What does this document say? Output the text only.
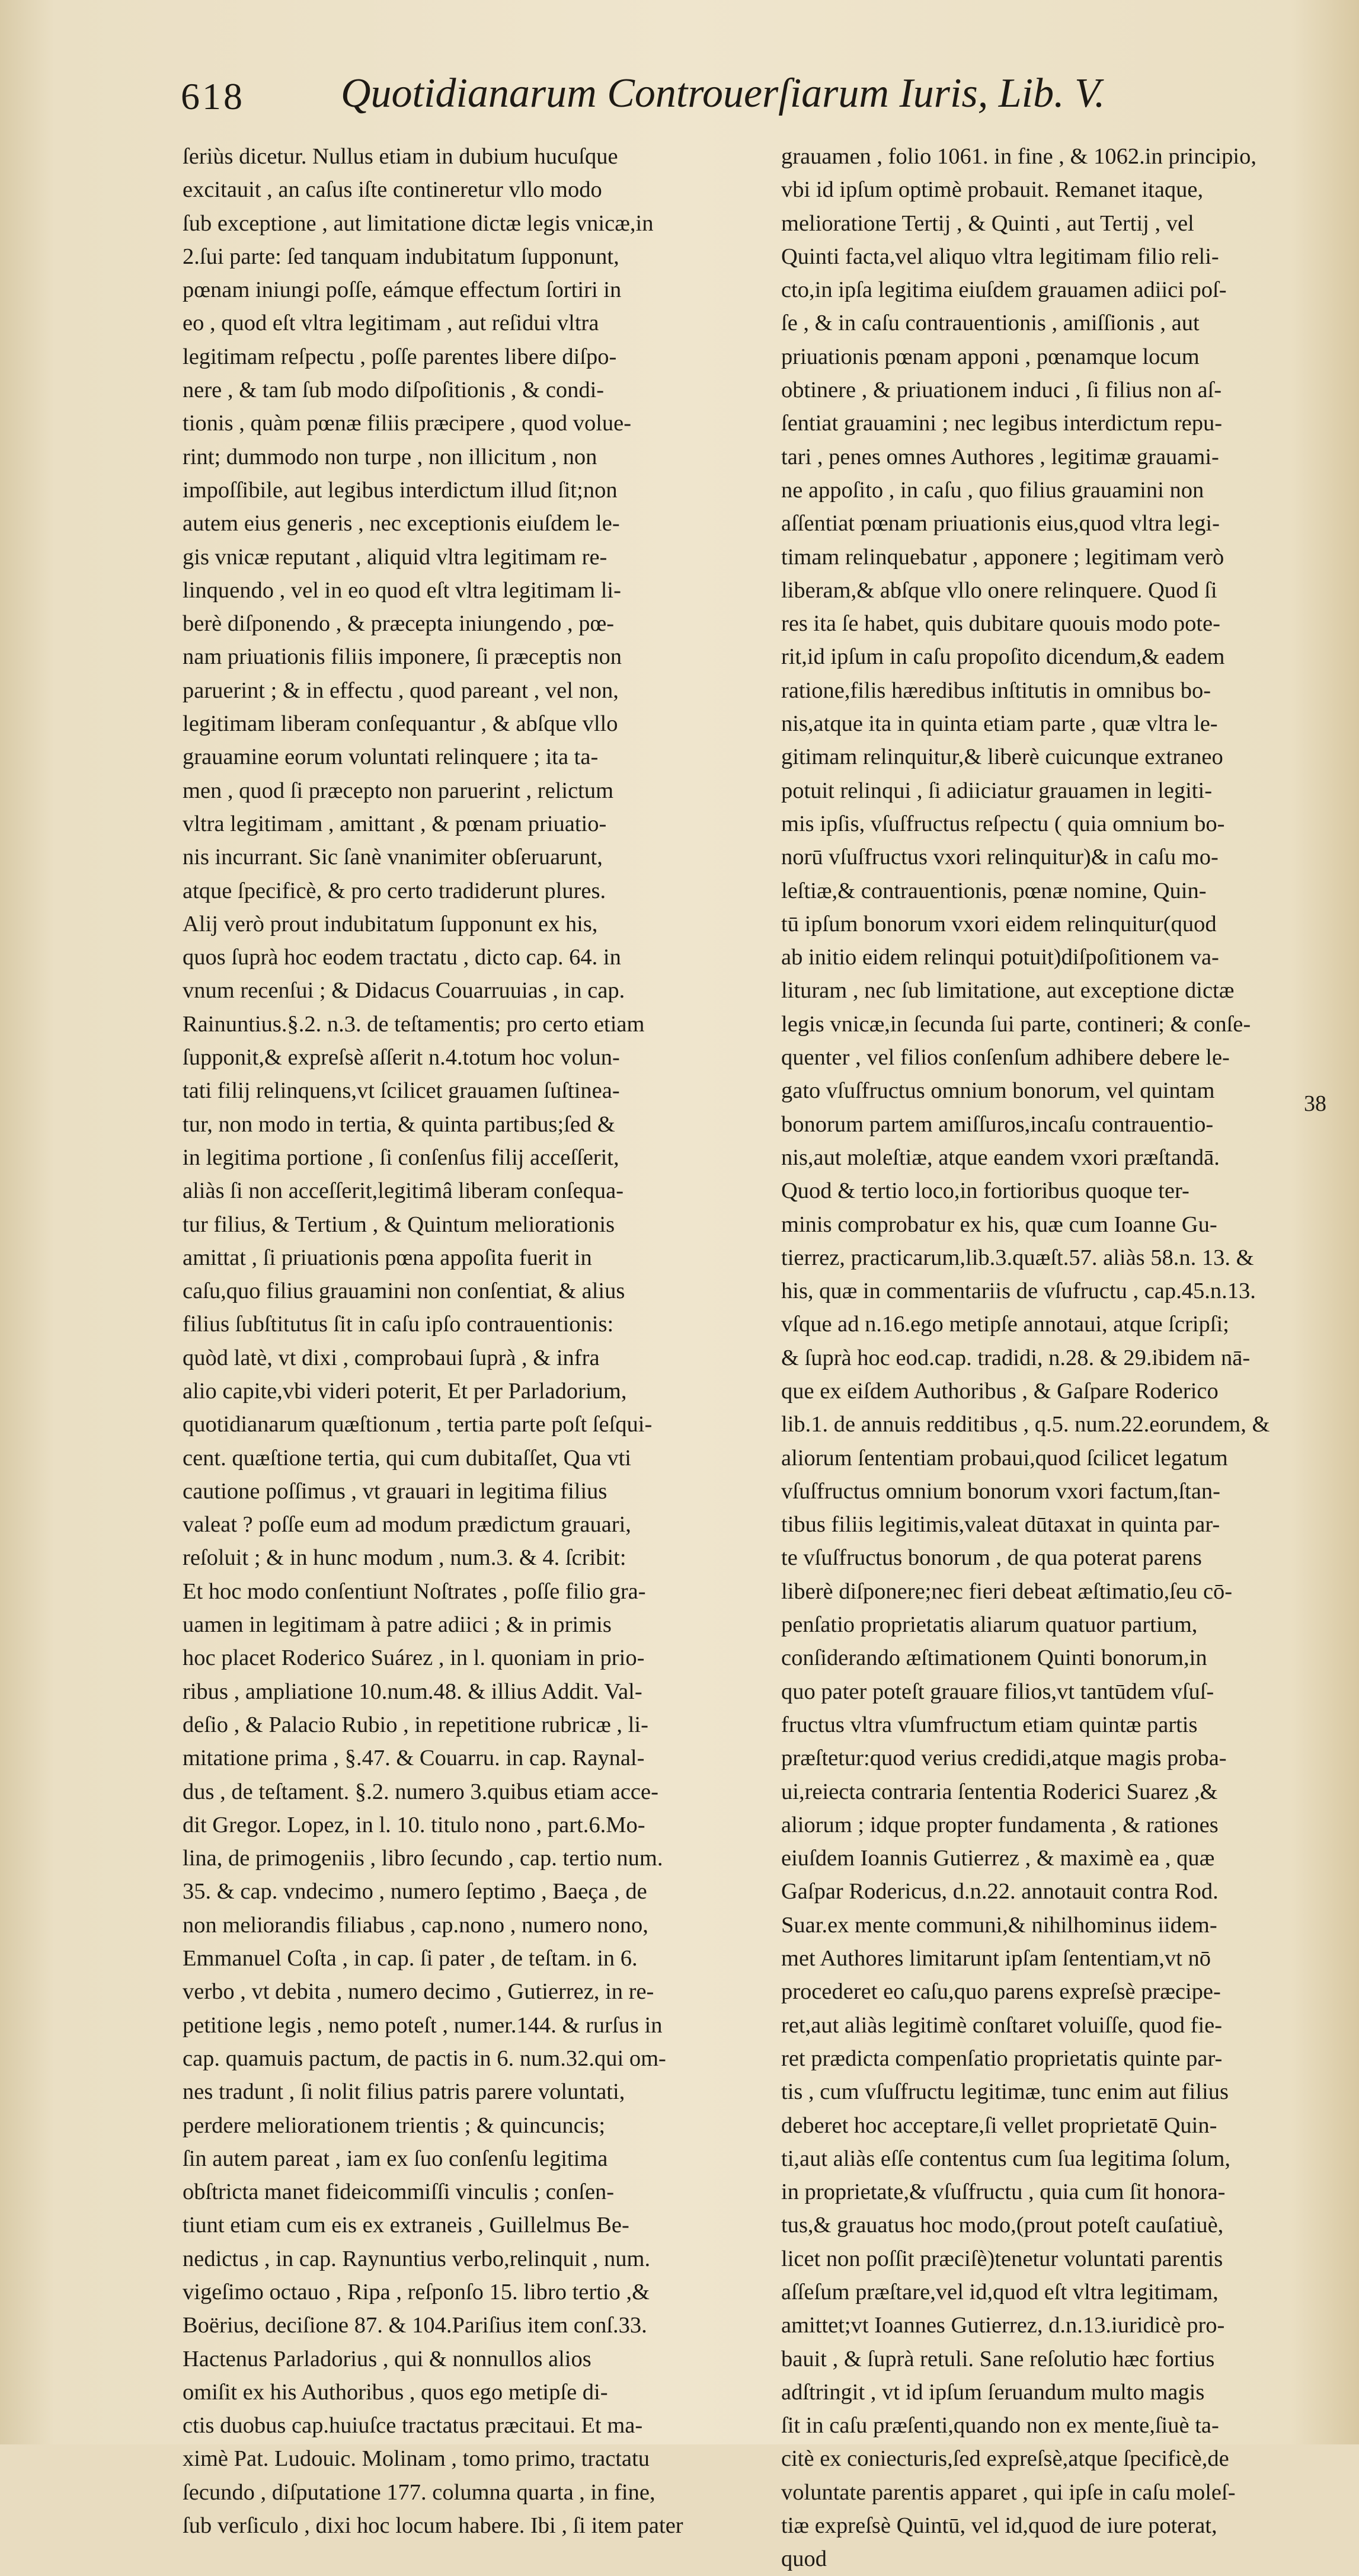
618 Quotidianarum Controuerſiarum Iuris, Lib. V.
ſeriùs dicetur. Nullus etiam in dubium hucuſque
excitauit , an caſus iſte contineretur vllo modo
ſub exceptione , aut limitatione dictæ legis vnicæ,in
2.ſui parte: ſed tanquam indubitatum ſupponunt,
pœnam iniungi poſſe, eámque effectum ſortiri in
eo , quod eſt vltra legitimam , aut reſidui vltra
legitimam reſpectu , poſſe parentes libere diſpo-
nere , & tam ſub modo diſpoſitionis , & condi-
tionis , quàm pœnæ filiis præcipere , quod volue-
rint; dummodo non turpe , non illicitum , non
impoſſibile, aut legibus interdictum illud ſit;non
autem eius generis , nec exceptionis eiuſdem le-
gis vnicæ reputant , aliquid vltra legitimam re-
linquendo , vel in eo quod eſt vltra legitimam li-
berè diſponendo , & præcepta iniungendo , pœ-
nam priuationis filiis imponere, ſi præceptis non
paruerint ; & in effectu , quod pareant , vel non,
legitimam liberam conſequantur , & abſque vllo
grauamine eorum voluntati relinquere ; ita ta-
men , quod ſi præcepto non paruerint , relictum
vltra legitimam , amittant , & pœnam priuatio-
nis incurrant. Sic ſanè vnanimiter obſeruarunt,
atque ſpecificè, & pro certo tradiderunt plures.
Alij verò prout indubitatum ſupponunt ex his,
quos ſuprà hoc eodem tractatu , dicto cap. 64. in
vnum recenſui ; & Didacus Couarruuias , in cap.
Rainuntius.§.2. n.3. de teſtamentis; pro certo etiam
ſupponit,& expreſsè aſſerit n.4.totum hoc volun-
tati filij relinquens,vt ſcilicet grauamen ſuſtinea-
tur, non modo in tertia, & quinta partibus;ſed &
in legitima portione , ſi conſenſus filij acceſſerit,
aliàs ſi non acceſſerit,legitimâ liberam conſequa-
tur filius, & Tertium , & Quintum meliorationis
amittat , ſi priuationis pœna appoſita fuerit in
caſu,quo filius grauamini non conſentiat, & alius
filius ſubſtitutus ſit in caſu ipſo contrauentionis:
quòd latè, vt dixi , comprobaui ſuprà , & infra
alio capite,vbi videri poterit, Et per Parladorium,
quotidianarum quæſtionum , tertia parte poſt ſeſqui-
cent. quæſtione tertia, qui cum dubitaſſet, Qua vti
cautione poſſimus , vt grauari in legitima filius
valeat ? poſſe eum ad modum prædictum grauari,
reſoluit ; & in hunc modum , num.3. & 4. ſcribit:
Et hoc modo conſentiunt Noſtrates , poſſe filio gra-
uamen in legitimam à patre adiici ; & in primis
hoc placet Roderico Suárez , in l. quoniam in prio-
ribus , ampliatione 10.num.48. & illius Addit. Val-
deſio , & Palacio Rubio , in repetitione rubricæ , li-
mitatione prima , §.47. & Couarru. in cap. Raynal-
dus , de teſtament. §.2. numero 3.quibus etiam acce-
dit Gregor. Lopez, in l. 10. titulo nono , part.6.Mo-
lina, de primogeniis , libro ſecundo , cap. tertio num.
35. & cap. vndecimo , numero ſeptimo , Baeça , de
non meliorandis filiabus , cap.nono , numero nono,
Emmanuel Coſta , in cap. ſi pater , de teſtam. in 6.
verbo , vt debita , numero decimo , Gutierrez, in re-
petitione legis , nemo poteſt , numer.144. & rurſus in
cap. quamuis pactum, de pactis in 6. num.32.qui om-
nes tradunt , ſi nolit filius patris parere voluntati,
perdere meliorationem trientis ; & quincuncis;
ſin autem pareat , iam ex ſuo conſenſu legitima
obſtricta manet fideicommiſſi vinculis ; conſen-
tiunt etiam cum eis ex extraneis , Guillelmus Be-
nedictus , in cap. Raynuntius verbo,relinquit , num.
vigeſimo octauo , Ripa , reſponſo 15. libro tertio ,&
Boërius, deciſione 87. & 104.Pariſius item conſ.33.
Hactenus Parladorius , qui & nonnullos alios
omiſit ex his Authoribus , quos ego metipſe di-
ctis duobus cap.huiuſce tractatus præcitaui. Et ma-
ximè Pat. Ludouic. Molinam , tomo primo, tractatu
ſecundo , diſputatione 177. columna quarta , in fine,
ſub verſiculo , dixi hoc locum habere. Ibi , ſi item pater
grauamen , folio 1061. in fine , & 1062.in principio,
vbi id ipſum optimè probauit. Remanet itaque,
melioratione Tertij , & Quinti , aut Tertij , vel
Quinti facta,vel aliquo vltra legitimam filio reli-
cto,in ipſa legitima eiuſdem grauamen adiici poſ-
ſe , & in caſu contrauentionis , amiſſionis , aut
priuationis pœnam apponi , pœnamque locum
obtinere , & priuationem induci , ſi filius non aſ-
ſentiat grauamini ; nec legibus interdictum repu-
tari , penes omnes Authores , legitimæ grauami-
ne appoſito , in caſu , quo filius grauamini non
aſſentiat pœnam priuationis eius,quod vltra legi-
timam relinquebatur , apponere ; legitimam verò
liberam,& abſque vllo onere relinquere. Quod ſi
res ita ſe habet, quis dubitare quouis modo pote-
rit,id ipſum in caſu propoſito dicendum,& eadem
ratione,filis hæredibus inſtitutis in omnibus bo-
nis,atque ita in quinta etiam parte , quæ vltra le-
gitimam relinquitur,& liberè cuicunque extraneo
potuit relinqui , ſi adiiciatur grauamen in legiti-
mis ipſis, vſuſfructus reſpectu ( quia omnium bo-
norū vſuſfructus vxori relinquitur)& in caſu mo-
leſtiæ,& contrauentionis, pœnæ nomine, Quin-
tū ipſum bonorum vxori eidem relinquitur(quod
ab initio eidem relinqui potuit)diſpoſitionem va-
lituram , nec ſub limitatione, aut exceptione dictæ
legis vnicæ,in ſecunda ſui parte, contineri; & conſe-
quenter , vel filios conſenſum adhibere debere le-
gato vſuſfructus omnium bonorum, vel quintam
bonorum partem amiſſuros,incaſu contrauentio-
nis,aut moleſtiæ, atque eandem vxori præſtandā.
Quod & tertio loco,in fortioribus quoque ter-
minis comprobatur ex his, quæ cum Ioanne Gu-
tierrez, practicarum,lib.3.quæſt.57. aliàs 58.n. 13. &
his, quæ in commentariis de vſufructu , cap.45.n.13.
vſque ad n.16.ego metipſe annotaui, atque ſcripſi;
& ſuprà hoc eod.cap. tradidi, n.28. & 29.ibidem nā-
que ex eiſdem Authoribus , & Gaſpare Roderico
lib.1. de annuis redditibus , q.5. num.22.eorundem, &
aliorum ſententiam probaui,quod ſcilicet legatum
vſuſfructus omnium bonorum vxori factum,ſtan-
tibus filiis legitimis,valeat dūtaxat in quinta par-
te vſuſfructus bonorum , de qua poterat parens
liberè diſponere;nec fieri debeat æſtimatio,ſeu cō-
penſatio proprietatis aliarum quatuor partium,
conſiderando æſtimationem Quinti bonorum,in
quo pater poteſt grauare filios,vt tantūdem vſuſ-
fructus vltra vſumfructum etiam quintæ partis
præſtetur:quod verius credidi,atque magis proba-
ui,reiecta contraria ſententia Roderici Suarez ,&
aliorum ; idque propter fundamenta , & rationes
eiuſdem Ioannis Gutierrez , & maximè ea , quæ
Gaſpar Rodericus, d.n.22. annotauit contra Rod.
Suar.ex mente communi,& nihilhominus iidem-
met Authores limitarunt ipſam ſententiam,vt nō
procederet eo caſu,quo parens expreſsè præcipe-
ret,aut aliàs legitimè conſtaret voluiſſe, quod fie-
ret prædicta compenſatio proprietatis quinte par-
tis , cum vſuſfructu legitimæ, tunc enim aut filius
deberet hoc acceptare,ſi vellet proprietatē Quin-
ti,aut aliàs eſſe contentus cum ſua legitima ſolum,
in proprietate,& vſuſfructu , quia cum ſit honora-
tus,& grauatus hoc modo,(prout poteſt cauſatiuè,
licet non poſſit præciſè)tenetur voluntati parentis
aſſeſum præſtare,vel id,quod eſt vltra legitimam,
amittet;vt Ioannes Gutierrez, d.n.13.iuridicè pro-
bauit , & ſuprà retuli. Sane reſolutio hæc fortius
adſtringit , vt id ipſum ſeruandum multo magis
ſit in caſu præſenti,quando non ex mente,ſiuè ta-
citè ex coniecturis,ſed expreſsè,atque ſpecificè,de
voluntate parentis apparet , qui ipſe in caſu moleſ-
tiæ expreſsè Quintū, vel id,quod de iure poterat,
quod
38
